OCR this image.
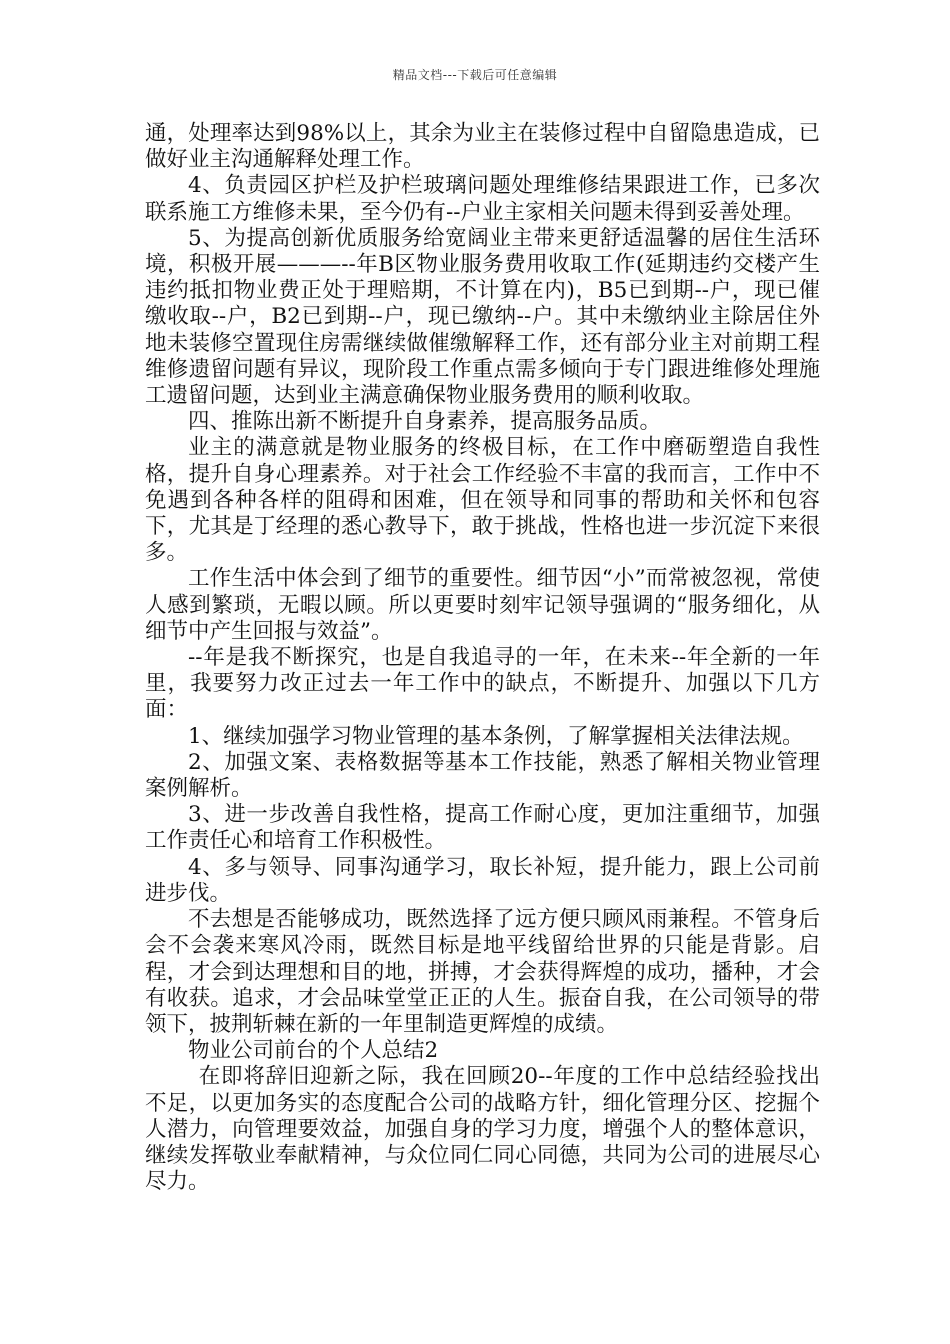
精品文档---下载后可任意编辑

通，处理率达到98%以上，其余为业主在装修过程中自留隐患造成，已做好业主沟通解释处理工作。

4、负责园区护栏及护栏玻璃问题处理维修结果跟进工作，已多次联系施工方维修未果，至今仍有--户业主家相关问题未得到妥善处理。

5、为提高创新优质服务给宽阔业主带来更舒适温馨的居住生活环境，积极开展———--年B区物业服务费用收取工作(延期违约交楼产生违约抵扣物业费正处于理赔期，不计算在内)，B5已到期--户，现已催缴收取--户，B2已到期--户，现已缴纳--户。其中未缴纳业主除居住外地未装修空置现住房需继续做催缴解释工作，还有部分业主对前期工程维修遗留问题有异议，现阶段工作重点需多倾向于专门跟进维修处理施工遗留问题，达到业主满意确保物业服务费用的顺利收取。

四、推陈出新不断提升自身素养，提高服务品质。

业主的满意就是物业服务的终极目标，在工作中磨砺塑造自我性格，提升自身心理素养。对于社会工作经验不丰富的我而言，工作中不免遇到各种各样的阻碍和困难，但在领导和同事的帮助和关怀和包容下，尤其是丁经理的悉心教导下，敢于挑战，性格也进一步沉淀下来很多。

工作生活中体会到了细节的重要性。细节因“小”而常被忽视，常使人感到繁琐，无暇以顾。所以更要时刻牢记领导强调的“服务细化，从细节中产生回报与效益”。

--年是我不断探究，也是自我追寻的一年，在未来--年全新的一年里，我要努力改正过去一年工作中的缺点，不断提升、加强以下几方面：

1、继续加强学习物业管理的基本条例，了解掌握相关法律法规。

2、加强文案、表格数据等基本工作技能，熟悉了解相关物业管理案例解析。

3、进一步改善自我性格，提高工作耐心度，更加注重细节，加强工作责任心和培育工作积极性。

4、多与领导、同事沟通学习，取长补短，提升能力，跟上公司前进步伐。

不去想是否能够成功，既然选择了远方便只顾风雨兼程。不管身后会不会袭来寒风冷雨，既然目标是地平线留给世界的只能是背影。启程，才会到达理想和目的地，拼搏，才会获得辉煌的成功，播种，才会有收获。追求，才会品味堂堂正正的人生。振奋自我，在公司领导的带领下，披荆斩棘在新的一年里制造更辉煌的成绩。

物业公司前台的个人总结2

在即将辞旧迎新之际，我在回顾20--年度的工作中总结经验找出不足，以更加务实的态度配合公司的战略方针，细化管理分区、挖掘个人潜力，向管理要效益，加强自身的学习力度，增强个人的整体意识，继续发挥敬业奉献精神，与众位同仁同心同德，共同为公司的进展尽心尽力。
